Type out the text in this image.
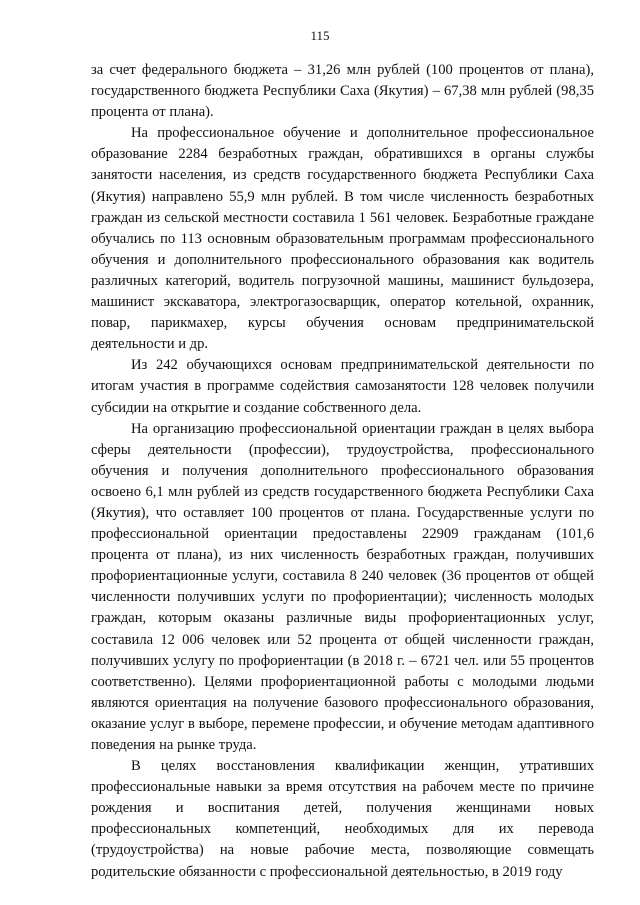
115

за счет федерального бюджета – 31,26 млн рублей (100 процентов от плана), государственного бюджета Республики Саха (Якутия) – 67,38 млн рублей (98,35 процента от плана).

На профессиональное обучение и дополнительное профессиональное образование 2284 безработных граждан, обратившихся в органы службы занятости населения, из средств государственного бюджета Республики Саха (Якутия) направлено 55,9 млн рублей. В том числе численность безработных граждан из сельской местности составила 1 561 человек. Безработные граждане обучались по 113 основным образовательным программам профессионального обучения и дополнительного профессионального образования как водитель различных категорий, водитель погрузочной машины, машинист бульдозера, машинист экскаватора, электрогазосварщик, оператор котельной, охранник, повар, парикмахер, курсы обучения основам предпринимательской деятельности и др.

Из 242 обучающихся основам предпринимательской деятельности по итогам участия в программе содействия самозанятости 128 человек получили субсидии на открытие и создание собственного дела.

На организацию профессиональной ориентации граждан в целях выбора сферы деятельности (профессии), трудоустройства, профессионального обучения и получения дополнительного профессионального образования освоено 6,1 млн рублей из средств государственного бюджета Республики Саха (Якутия), что оставляет 100 процентов от плана. Государственные услуги по профессиональной ориентации предоставлены 22909 гражданам (101,6 процента от плана), из них численность безработных граждан, получивших профориентационные услуги, составила 8 240 человек (36 процентов от общей численности получивших услуги по профориентации); численность молодых граждан, которым оказаны различные виды профориентационных услуг, составила 12 006 человек или 52 процента от общей численности граждан, получивших услугу по профориентации (в 2018 г. – 6721 чел. или 55 процентов соответственно). Целями профориентационной работы с молодыми людьми являются ориентация на получение базового профессионального образования, оказание услуг в выборе, перемене профессии, и обучение методам адаптивного поведения на рынке труда.

В целях восстановления квалификации женщин, утративших профессиональные навыки за время отсутствия на рабочем месте по причине рождения и воспитания детей, получения женщинами новых профессиональных компетенций, необходимых для их перевода (трудоустройства) на новые рабочие места, позволяющие совмещать родительские обязанности с профессиональной деятельностью, в 2019 году
